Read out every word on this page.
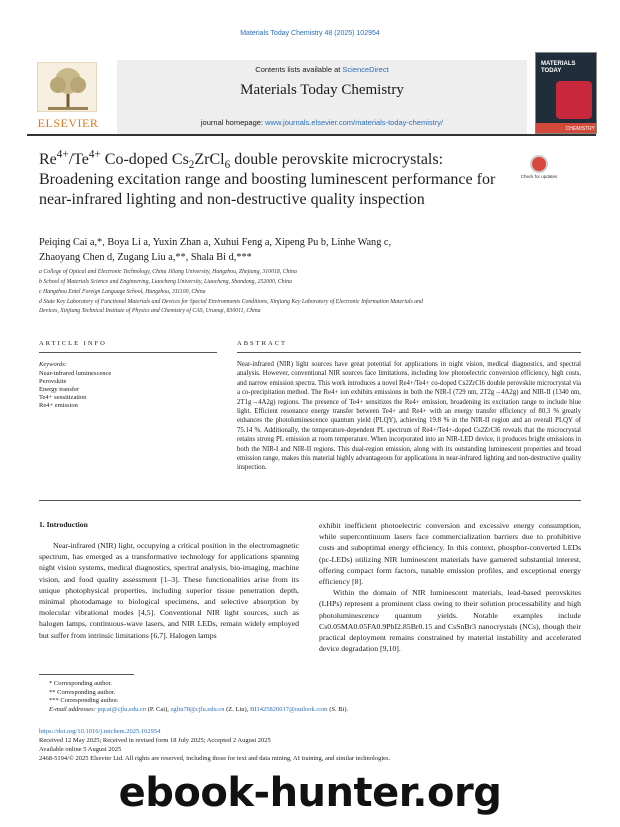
Materials Today Chemistry 48 (2025) 102954
ELSEVIER
Contents lists available at ScienceDirect
Materials Today Chemistry
journal homepage: www.journals.elsevier.com/materials-today-chemistry/
MATERIALS TODAY
CHEMISTRY
$Re^{4+}/Te^{4+}$ Co-doped $Cs_2ZrCl_6$ double perovskite microcrystals: Broadening excitation range and boosting luminescent performance for near-infrared lighting and non-destructive quality inspection
Check for updates
Peiqing Cai a,*, Boya Li a, Yuxin Zhan a, Xuhui Feng a, Xipeng Pu b, Linhe Wang c,
Zhaoyang Chen d, Zugang Liu a,**, Shala Bi d,***
a College of Optical and Electronic Technology, China Jiliang University, Hangzhou, Zhejiang, 310018, China
b School of Materials Science and Engineering, Liaocheng University, Liaocheng, Shandong, 252000, China
c Hangzhou Entel Foreign Language School, Hangzhou, 311100, China
d State Key Laboratory of Functional Materials and Devices for Special Environments Conditions, Xinjiang Key Laboratory of Electronic Information Materials and
Devices, Xinjiang Technical Institute of Physics and Chemistry of CAS, Urumqi, 830011, China
ARTICLE INFO	ABSTRACT
Keywords:
Near-infrared luminescence
Perovskite
Energy transfer
Te4+ sensitization
Re4+ emission
Near-infrared (NIR) light sources have great potential for applications in night vision, medical diagnostics, and spectral analysis. However, conventional NIR sources face limitations, including low photoelectric conversion efficiency, high costs, and narrow emission spectra. This work introduces a novel Re4+/Te4+ co-doped Cs2ZrCl6 double perovskite microcrystal via a co-precipitation method. The Re4+ ion exhibits emissions in both the NIR-I (729 nm, 2T2g→4A2g) and NIR-II (1340 nm, 2T1g→4A2g) regions. The presence of Te4+ sensitizes the Re4+ emission, broadening its excitation range to include blue light. Efficient resonance energy transfer between Te4+ and Re4+ with an energy transfer efficiency of 80.3 % greatly enhances the photoluminescence quantum yield (PLQY), achieving 19.8 % in the NIR-II region and an overall PLQY of 75.14 %. Additionally, the temperature-dependent PL spectrum of Re4+/Te4+-doped Cs2ZrCl6 reveals that the microcrystal retains strong PL emission at room temperature. When incorporated into an NIR-LED device, it produces bright emissions in both the NIR-I and NIR-II regions. This dual-region emission, along with its outstanding luminescent properties and broad emission range, makes this material highly advantageous for applications in near-infrared lighting and non-destructive quality inspection.
1. Introduction
Near-infrared (NIR) light, occupying a critical position in the electromagnetic spectrum, has emerged as a transformative technology for applications spanning night vision systems, medical diagnostics, spectral analysis, bio-imaging, machine vision, and food quality assessment [1–3]. These functionalities arise from its unique photophysical properties, including superior tissue penetration depth, minimal photodamage to biological specimens, and selective absorption by molecular vibrational modes [4,5]. Conventional NIR light sources, such as halogen lamps, continuous-wave lasers, and NIR LEDs, remain widely employed but suffer from intrinsic limitations [6,7]. Halogen lamps

exhibit inefficient photoelectric conversion and excessive energy consumption, while supercontinuum lasers face commercialization barriers due to prohibitive costs and suboptimal energy efficiency. In this context, phosphor-converted LEDs (pc-LEDs) utilizing NIR luminescent materials have garnered substantial interest, offering compact form factors, tunable emission profiles, and exceptional energy efficiency [8].

Within the domain of NIR luminescent materials, lead-based perovskites (LHPs) represent a prominent class owing to their solution processability and high photoluminescence quantum yields. Notable examples include Cs0.05MA0.05FA0.9PbI2.85Br0.15 and CsSnBr3 nanocrystals (NCs), though their practical deployment remains constrained by material instability and accelerated device degradation [9,10].

* Corresponding author.
** Corresponding author.
*** Corresponding author.
E-mail addresses: pqcai@cjlu.edu.cn (P. Cai), zgliu78@cjlu.edu.cn (Z. Liu), BI1425820017@outlook.com (S. Bi).
https://doi.org/10.1016/j.mtchem.2025.102954
Received 12 May 2025; Received in revised form 18 July 2025; Accepted 2 August 2025
Available online 5 August 2025
2468-5194/© 2025 Elsevier Ltd. All rights are reserved, including those for text and data mining, AI training, and similar technologies.
ebook-hunter.org
